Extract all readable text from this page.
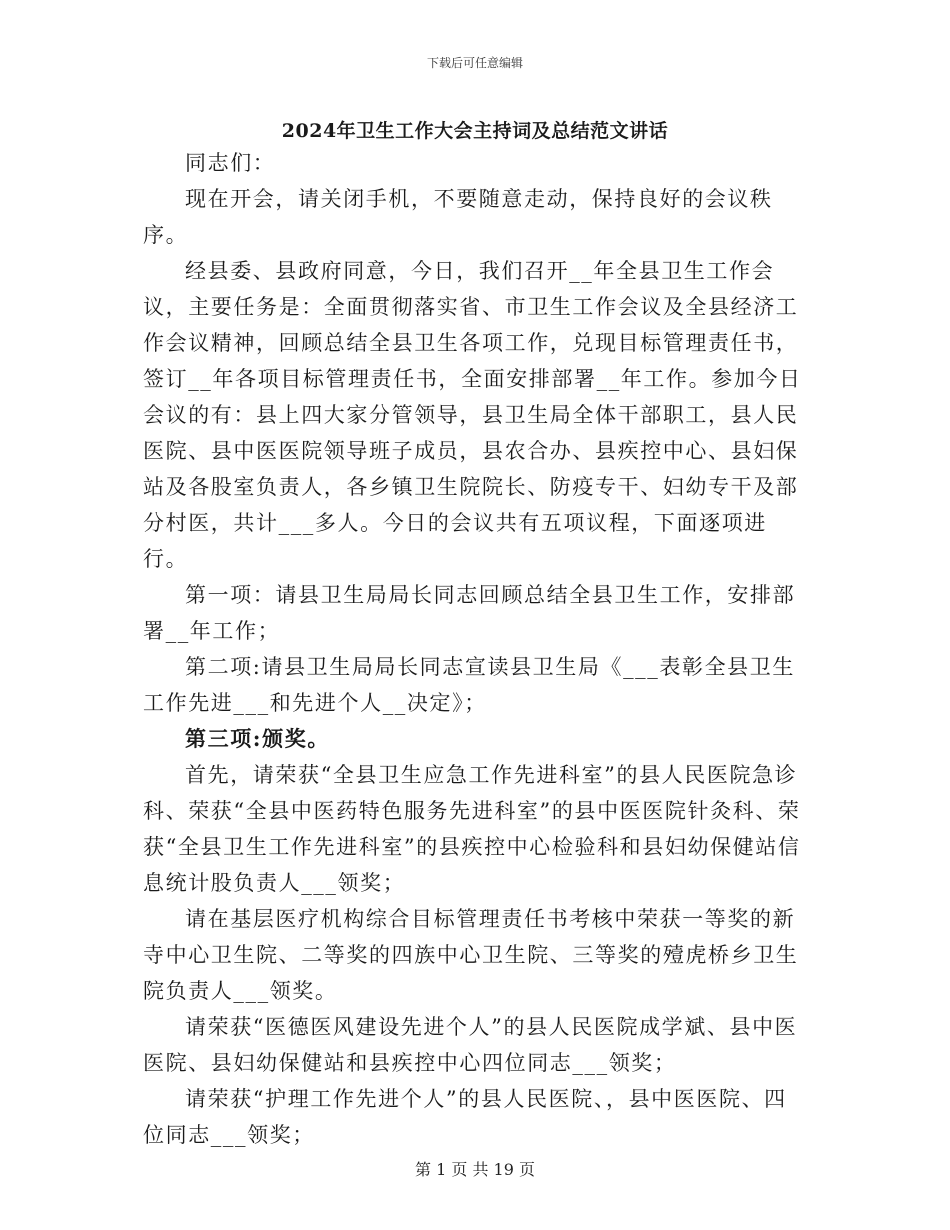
下载后可任意编辑
2024年卫生工作大会主持词及总结范文讲话

同志们：

现在开会，请关闭手机，不要随意走动，保持良好的会议秩序。

经县委、县政府同意，今日，我们召开__年全县卫生工作会议，主要任务是：全面贯彻落实省、市卫生工作会议及全县经济工作会议精神，回顾总结全县卫生各项工作，兑现目标管理责任书，签订__年各项目标管理责任书，全面安排部署__年工作。参加今日会议的有：县上四大家分管领导，县卫生局全体干部职工，县人民医院、县中医医院领导班子成员，县农合办、县疾控中心、县妇保站及各股室负责人，各乡镇卫生院院长、防疫专干、妇幼专干及部分村医，共计___多人。今日的会议共有五项议程，下面逐项进行。

第一项：请县卫生局局长同志回顾总结全县卫生工作，安排部署__年工作；

第二项:请县卫生局局长同志宣读县卫生局《___表彰全县卫生工作先进___和先进个人__决定》；

第三项:颁奖。

首先，请荣获“全县卫生应急工作先进科室”的县人民医院急诊科、荣获“全县中医药特色服务先进科室”的县中医医院针灸科、荣获“全县卫生工作先进科室”的县疾控中心检验科和县妇幼保健站信息统计股负责人___领奖；

请在基层医疗机构综合目标管理责任书考核中荣获一等奖的新寺中心卫生院、二等奖的四族中心卫生院、三等奖的殪虎桥乡卫生院负责人___领奖。

请荣获“医德医风建设先进个人”的县人民医院成学斌、县中医医院、县妇幼保健站和县疾控中心四位同志___领奖；

请荣获“护理工作先进个人”的县人民医院、，县中医医院、四位同志___领奖；

第 1 页 共 19 页
